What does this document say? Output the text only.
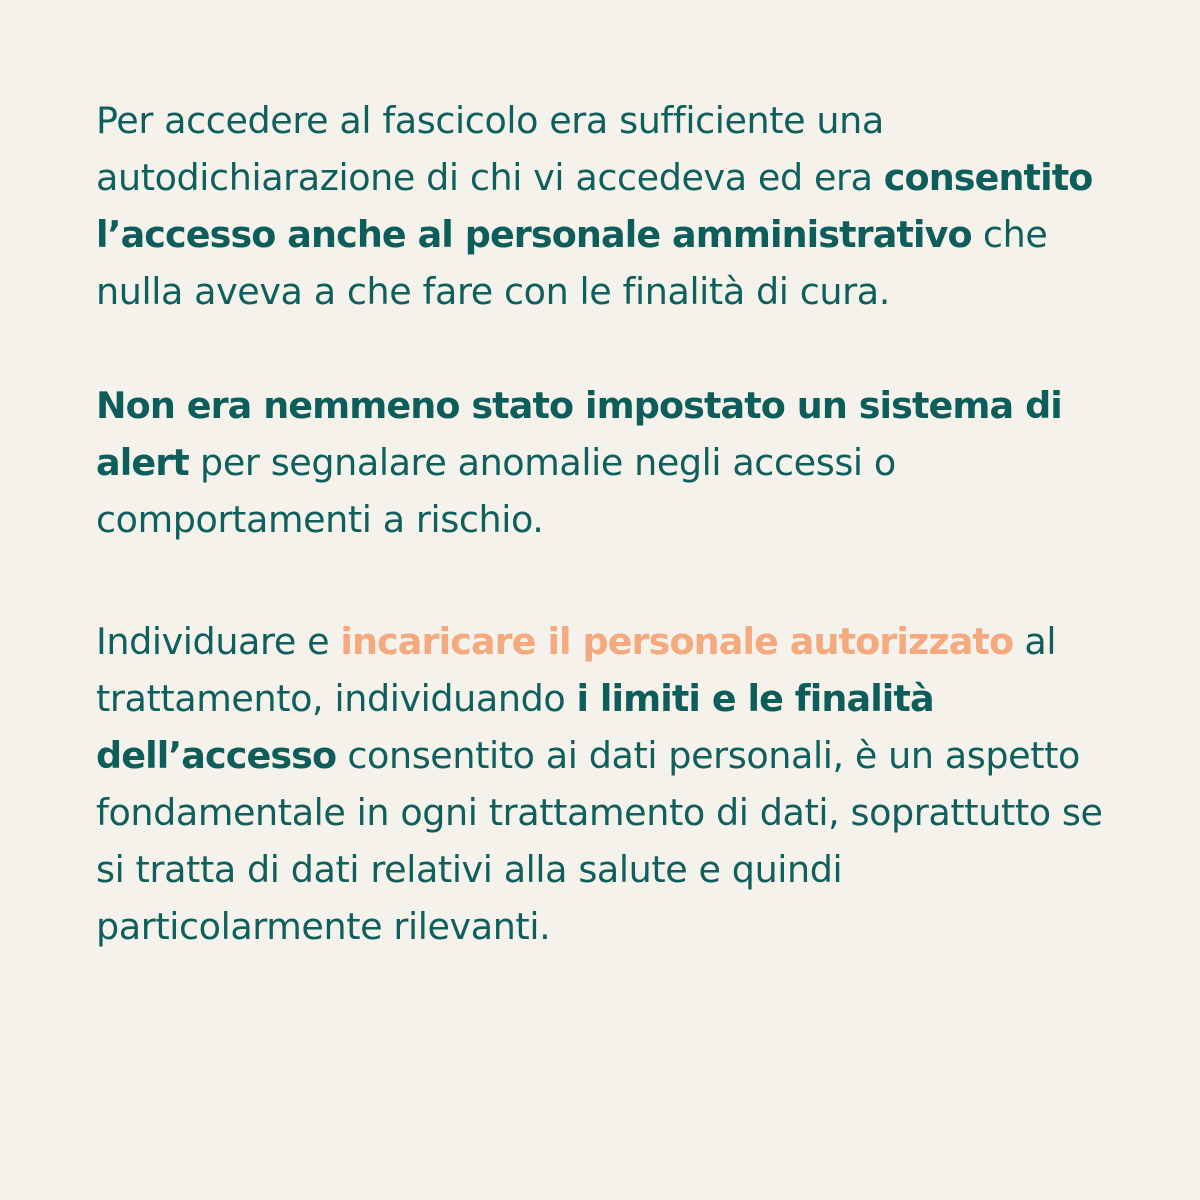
Per accedere al fascicolo era sufficiente una autodichiarazione di chi vi accedeva ed era consentito l’accesso anche al personale amministrativo che nulla aveva a che fare con le finalità di cura.

Non era nemmeno stato impostato un sistema di alert per segnalare anomalie negli accessi o comportamenti a rischio.

Individuare e incaricare il personale autorizzato al trattamento, individuando i limiti e le finalità dell’accesso consentito ai dati personali, è un aspetto fondamentale in ogni trattamento di dati, soprattutto se si tratta di dati relativi alla salute e quindi particolarmente rilevanti.
